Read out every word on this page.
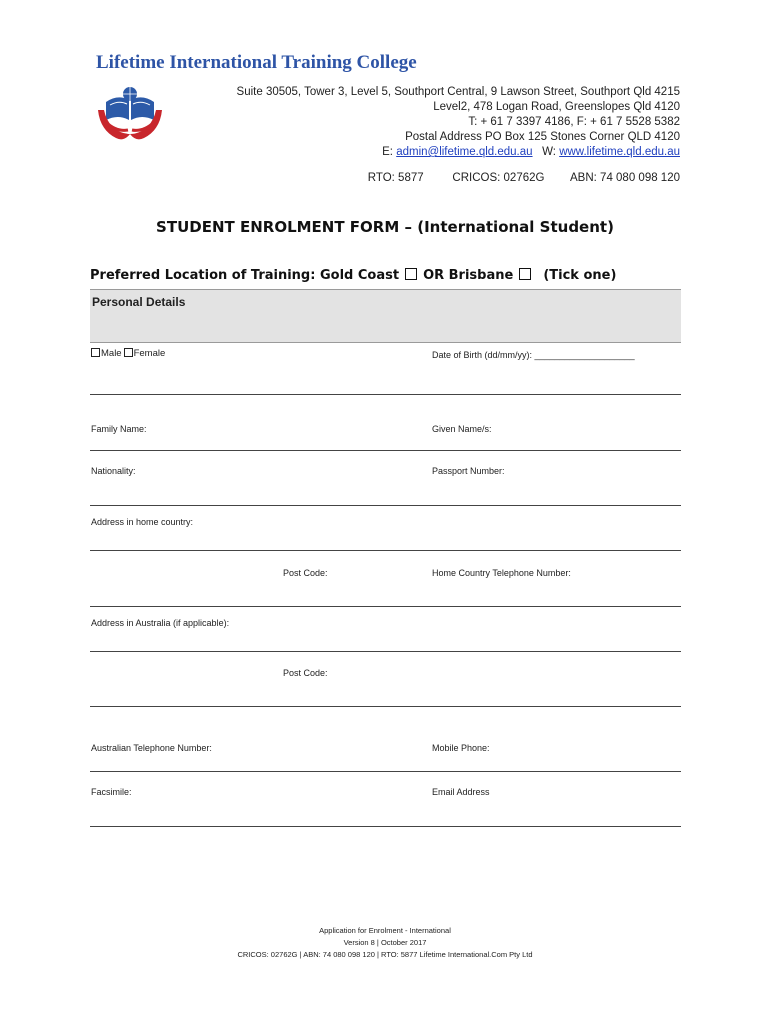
Lifetime International Training College
Suite 30505, Tower 3, Level 5, Southport Central, 9 Lawson Street, Southport Qld 4215
Level2, 478 Logan Road, Greenslopes Qld 4120
T: + 61 7 3397 4186, F: + 61 7 5528 5382
Postal Address PO Box 125 Stones Corner QLD 4120
E: admin@lifetime.qld.edu.au W: www.lifetime.qld.edu.au
RTO: 5877	CRICOS: 02762G ABN: 74 080 098 120
STUDENT ENROLMENT FORM – (International Student)
Preferred Location of Training: Gold Coast OR Brisbane (Tick one)
Personal Details
Male Female	Date of Birth (dd/mm/yy): ____________________
Family Name:	Given Name/s:
Nationality:	Passport Number:
Address in home country:
Post Code:	Home Country Telephone Number:
Address in Australia (if applicable):
Post Code:
Australian Telephone Number:	Mobile Phone:
Facsimile:	Email Address
Application for Enrolment - International
Version 8 | October 2017
CRICOS: 02762G | ABN: 74 080 098 120 | RTO: 5877 Lifetime International.Com Pty Ltd
